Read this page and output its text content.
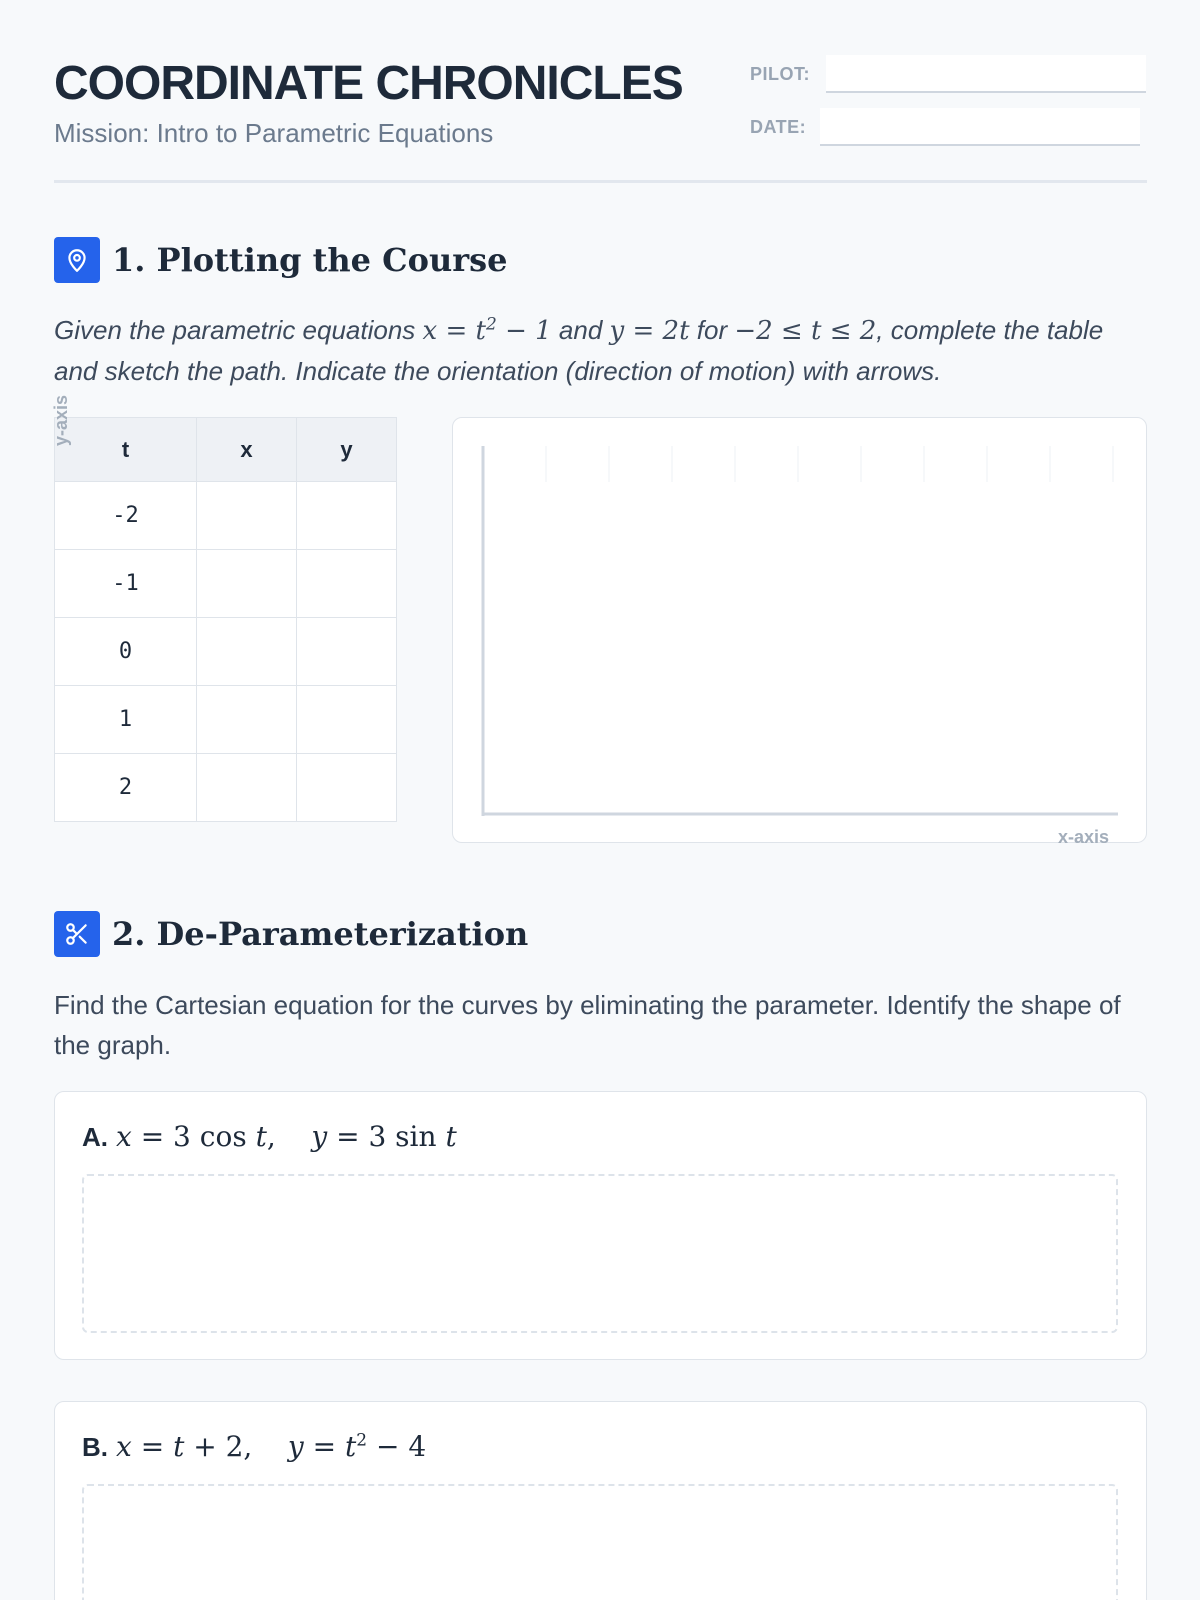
COORDINATE CHRONICLES
Mission: Intro to Parametric Equations
PILOT:
DATE:
1. Plotting the Course
Given the parametric equations $x = t^2 - 1$ and y = 2t for −2 ≤ t ≤ 2, complete the table and sketch the path. Indicate the orientation (direction of motion) with arrows.
t	x	y
-2		
-1		
0		
1		
2		
y-axis
x-axis
2. De-Parameterization
Find the Cartesian equation for the curves by eliminating the parameter. Identify the shape of the graph.
A. x = 3 cos t,    y = 3 sin t
B. x = t + 2,    $y = t^2 - 4$
